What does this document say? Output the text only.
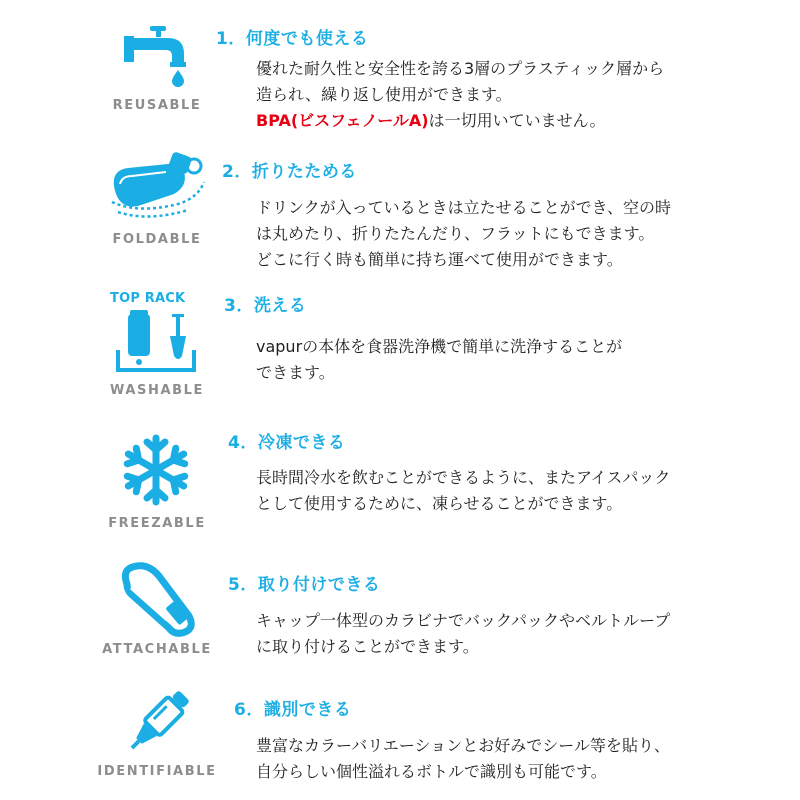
REUSABLE
1．何度でも使える
優れた耐久性と安全性を誇る3層のプラスティック層から
造られ、繰り返し使用ができます。
BPA(ビスフェノールA)は一切用いていません。
FOLDABLE
2．折りたためる
ドリンクが入っているときは立たせることができ、空の時
は丸めたり、折りたたんだり、フラットにもできます。
どこに行く時も簡単に持ち運べて使用ができます。
TOP RACK
WASHABLE
3．洗える
vapurの本体を食器洗浄機で簡単に洗浄することが
できます。
FREEZABLE
4．冷凍できる
長時間冷水を飲むことができるように、またアイスパック
として使用するために、凍らせることができます。
ATTACHABLE
5．取り付けできる
キャップ一体型のカラビナでバックパックやベルトループ
に取り付けることができます。
IDENTIFIABLE
6．識別できる
豊富なカラーバリエーションとお好みでシール等を貼り、
自分らしい個性溢れるボトルで識別も可能です。
